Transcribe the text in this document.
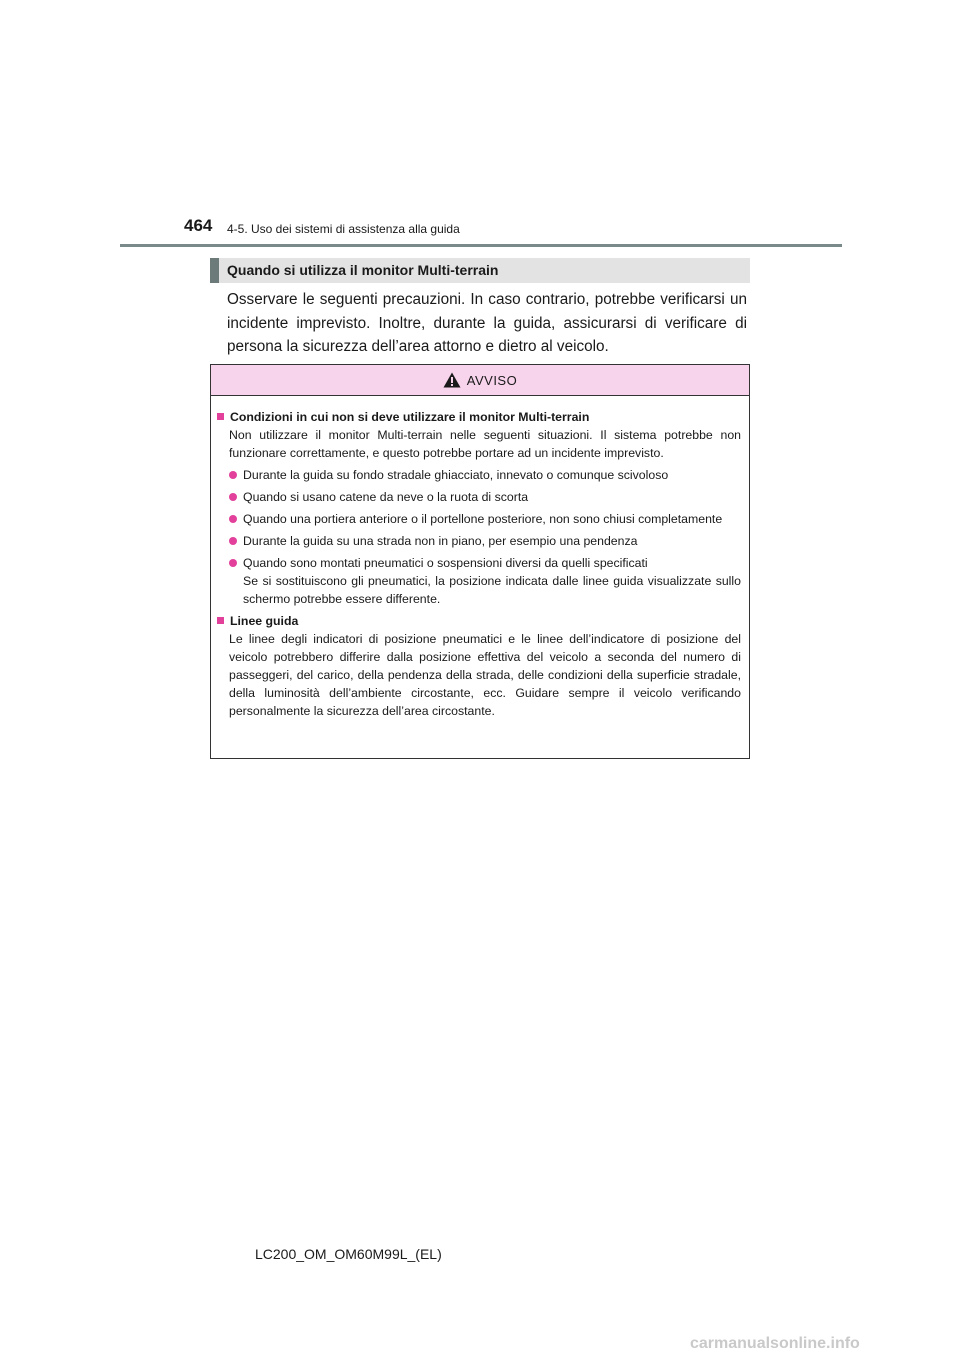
464 4-5. Uso dei sistemi di assistenza alla guida
Quando si utilizza il monitor Multi-terrain
Osservare le seguenti precauzioni. In caso contrario, potrebbe verificarsi un incidente imprevisto. Inoltre, durante la guida, assicurarsi di verificare di persona la sicurezza dell’area attorno e dietro al veicolo.
AVVISO
Condizioni in cui non si deve utilizzare il monitor Multi-terrain
Non utilizzare il monitor Multi-terrain nelle seguenti situazioni. Il sistema potrebbe non funzionare correttamente, e questo potrebbe portare ad un incidente imprevisto.
Durante la guida su fondo stradale ghiacciato, innevato o comunque scivoloso
Quando si usano catene da neve o la ruota di scorta
Quando una portiera anteriore o il portellone posteriore, non sono chiusi completamente
Durante la guida su una strada non in piano, per esempio una pendenza
Quando sono montati pneumatici o sospensioni diversi da quelli specificati
Se si sostituiscono gli pneumatici, la posizione indicata dalle linee guida visualizzate sullo schermo potrebbe essere differente.
Linee guida
Le linee degli indicatori di posizione pneumatici e le linee dell’indicatore di posizione del veicolo potrebbero differire dalla posizione effettiva del veicolo a seconda del numero di passeggeri, del carico, della pendenza della strada, delle condizioni della superficie stradale, della luminosità dell’ambiente circostante, ecc. Guidare sempre il veicolo verificando personalmente la sicurezza dell’area circostante.
LC200_OM_OM60M99L_(EL)
carmanualsonline.info
